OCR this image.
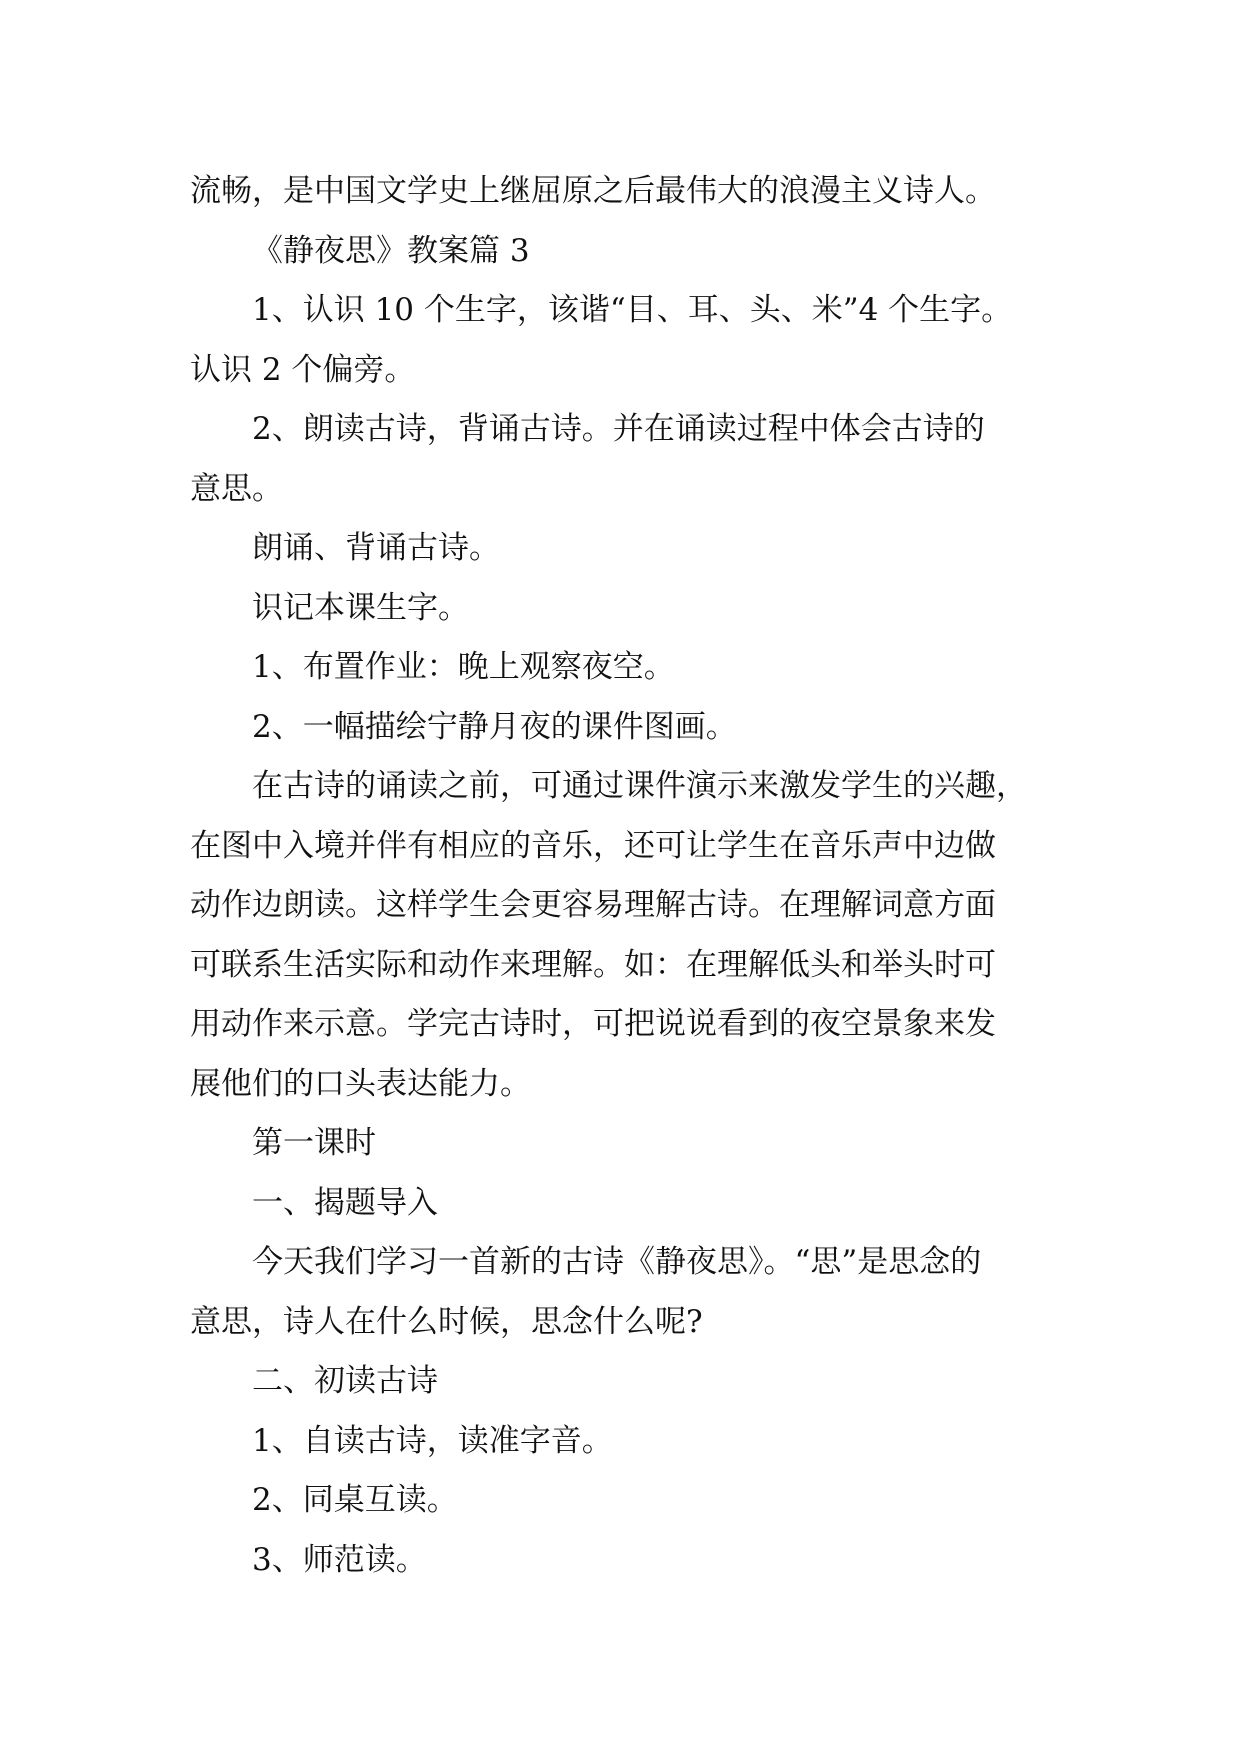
流畅，是中国文学史上继屈原之后最伟大的浪漫主义诗人。

《静夜思》教案篇 3

1、认识 10 个生字，该谐“目、耳、头、米”4 个生字。
认识 2 个偏旁。

2、朗读古诗，背诵古诗。并在诵读过程中体会古诗的
意思。

朗诵、背诵古诗。

识记本课生字。

1、布置作业：晚上观察夜空。

2、一幅描绘宁静月夜的课件图画。

在古诗的诵读之前，可通过课件演示来激发学生的兴趣，
在图中入境并伴有相应的音乐，还可让学生在音乐声中边做
动作边朗读。这样学生会更容易理解古诗。在理解词意方面
可联系生活实际和动作来理解。如：在理解低头和举头时可
用动作来示意。学完古诗时，可把说说看到的夜空景象来发
展他们的口头表达能力。

第一课时

一、揭题导入

今天我们学习一首新的古诗《静夜思》。“思”是思念的
意思，诗人在什么时候，思念什么呢?

二、初读古诗

1、自读古诗，读准字音。

2、同桌互读。

3、师范读。
